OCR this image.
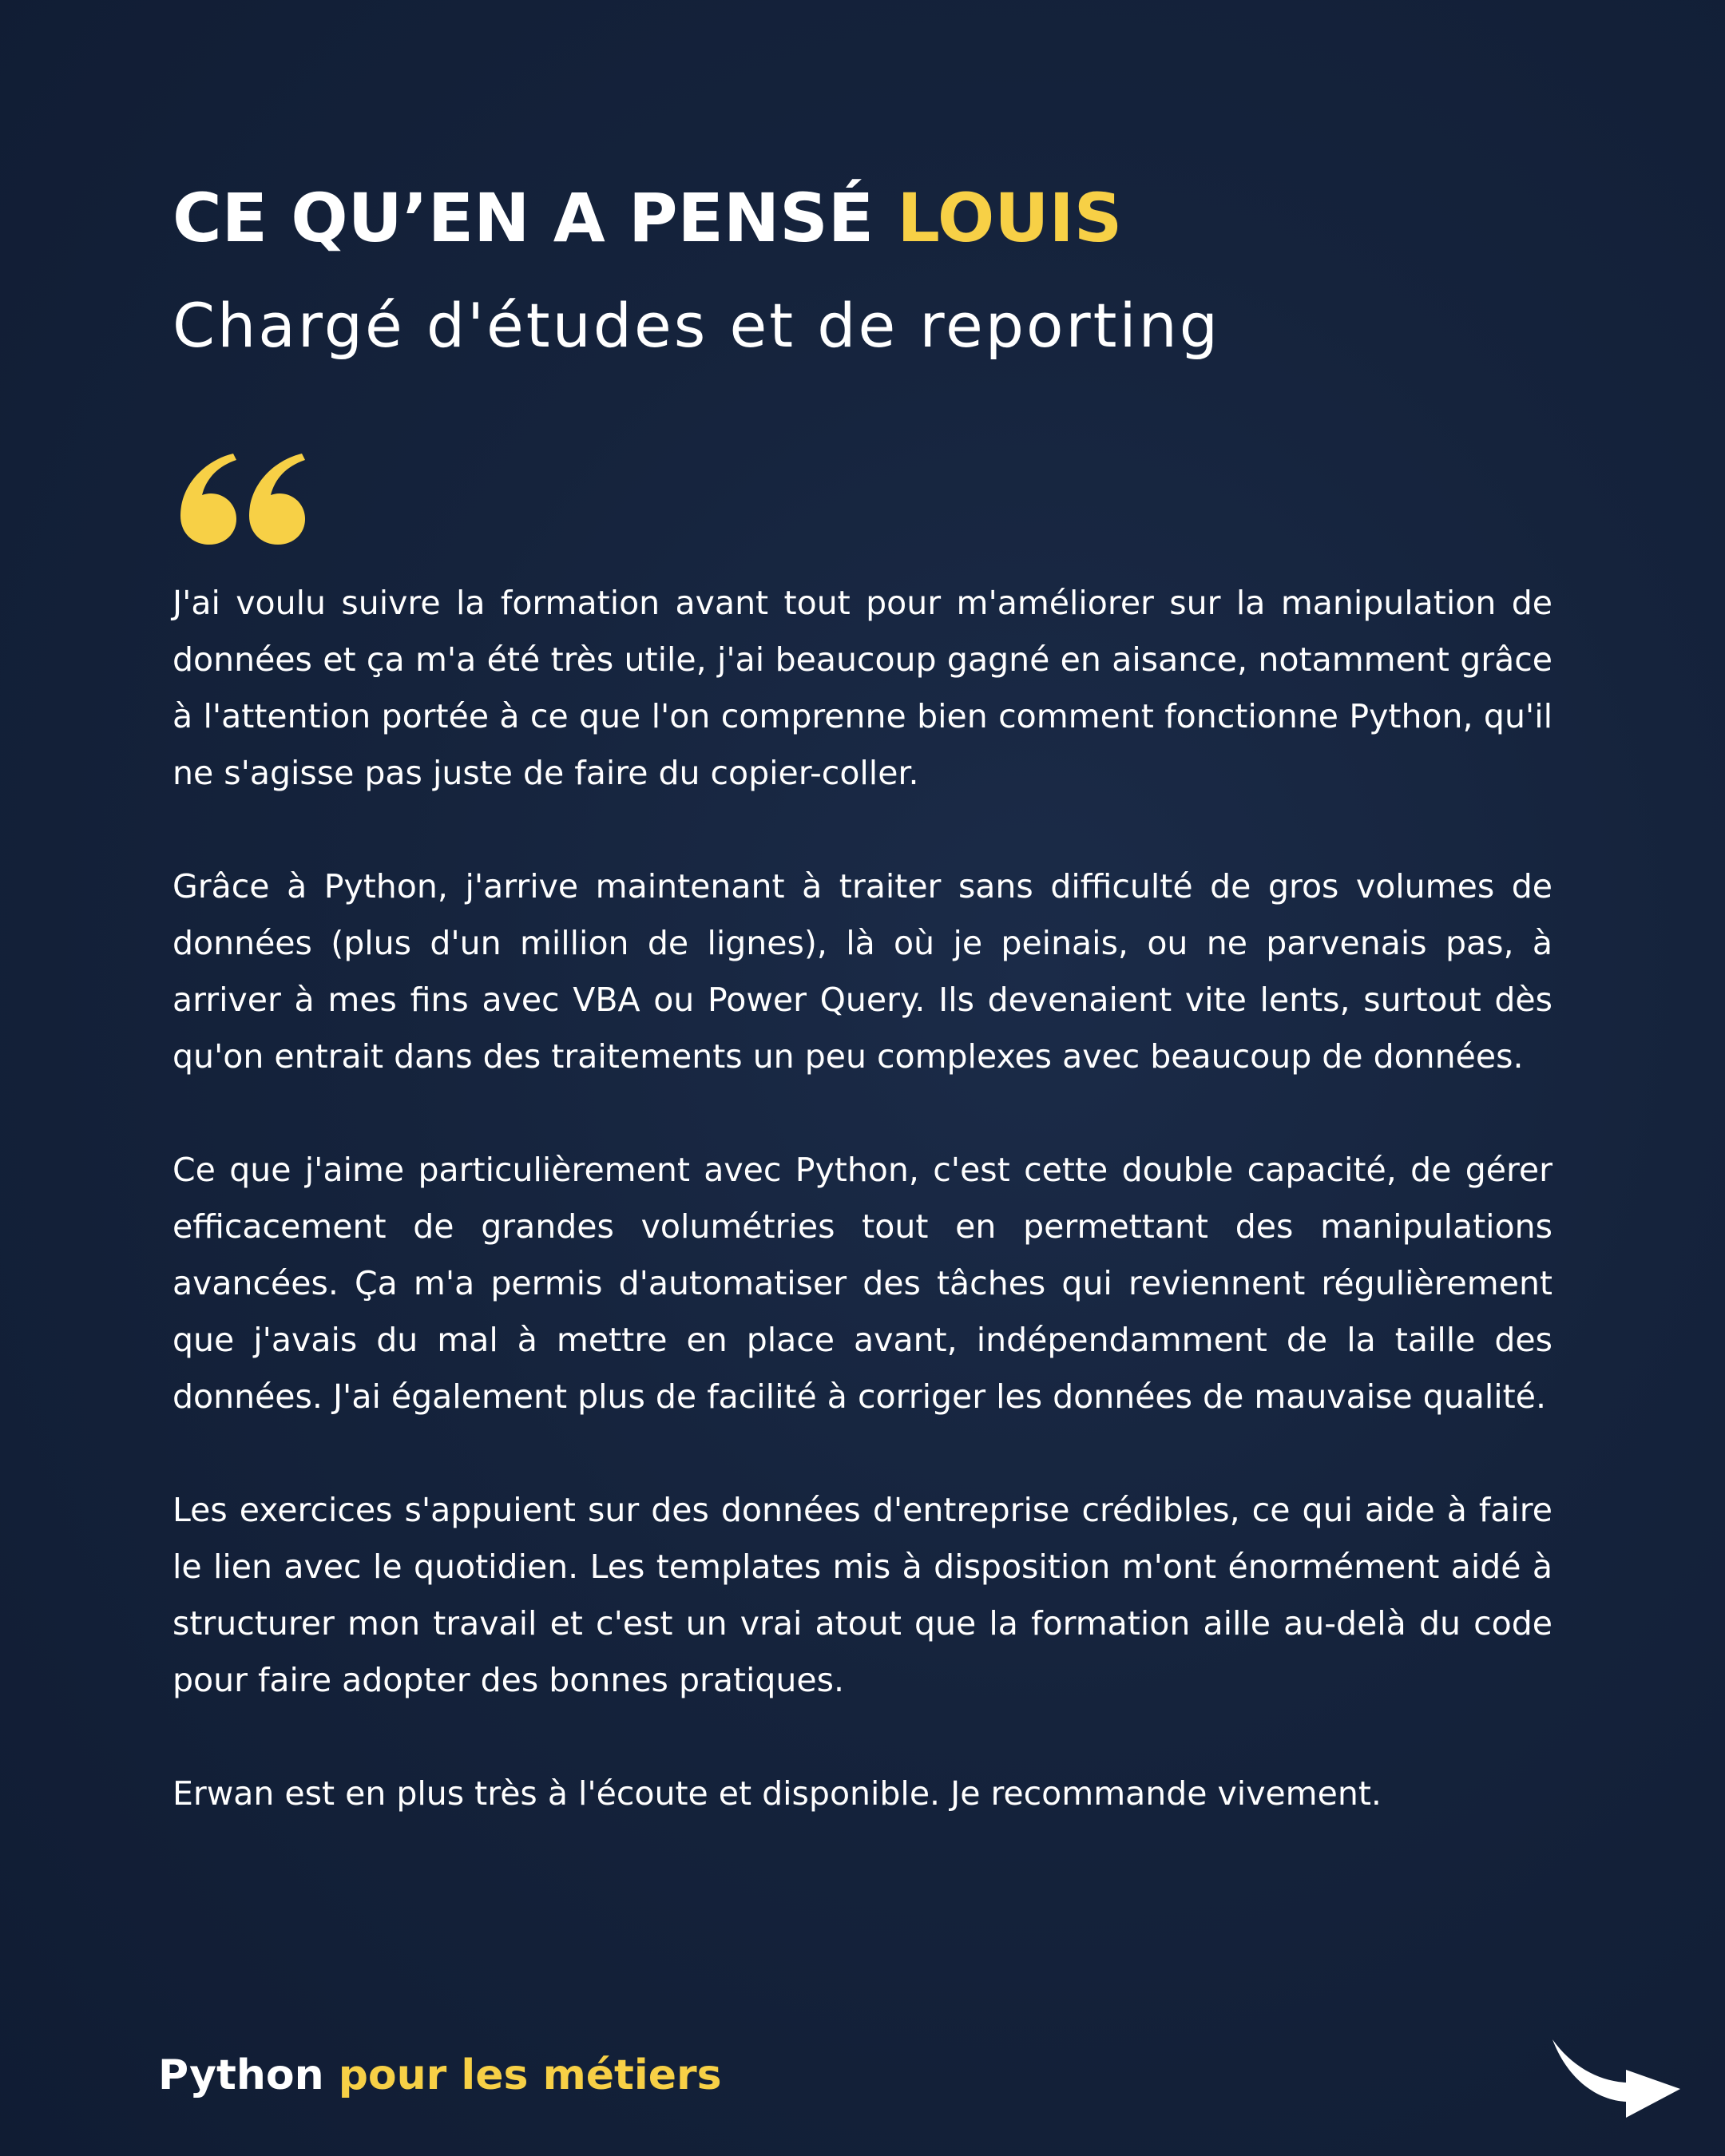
CE QU’EN A PENSÉ LOUIS
Chargé d'études et de reporting

J'ai voulu suivre la formation avant tout pour m'améliorer sur la manipulation de données et ça m'a été très utile, j'ai beaucoup gagné en aisance, notamment grâce à l'attention portée à ce que l'on comprenne bien comment fonctionne Python, qu'il ne s'agisse pas juste de faire du copier-coller.

Grâce à Python, j'arrive maintenant à traiter sans difficulté de gros volumes de données (plus d'un million de lignes), là où je peinais, ou ne parvenais pas, à arriver à mes fins avec VBA ou Power Query. Ils devenaient vite lents, surtout dès qu'on entrait dans des traitements un peu complexes avec beaucoup de données.

Ce que j'aime particulièrement avec Python, c'est cette double capacité, de gérer efficacement de grandes volumétries tout en permettant des manipulations avancées. Ça m'a permis d'automatiser des tâches qui reviennent régulièrement que j'avais du mal à mettre en place avant, indépendamment de la taille des données. J'ai également plus de facilité à corriger les données de mauvaise qualité.

Les exercices s'appuient sur des données d'entreprise crédibles, ce qui aide à faire le lien avec le quotidien. Les templates mis à disposition m'ont énormément aidé à structurer mon travail et c'est un vrai atout que la formation aille au-delà du code pour faire adopter des bonnes pratiques.

Erwan est en plus très à l'écoute et disponible. Je recommande vivement.

Python pour les métiers
